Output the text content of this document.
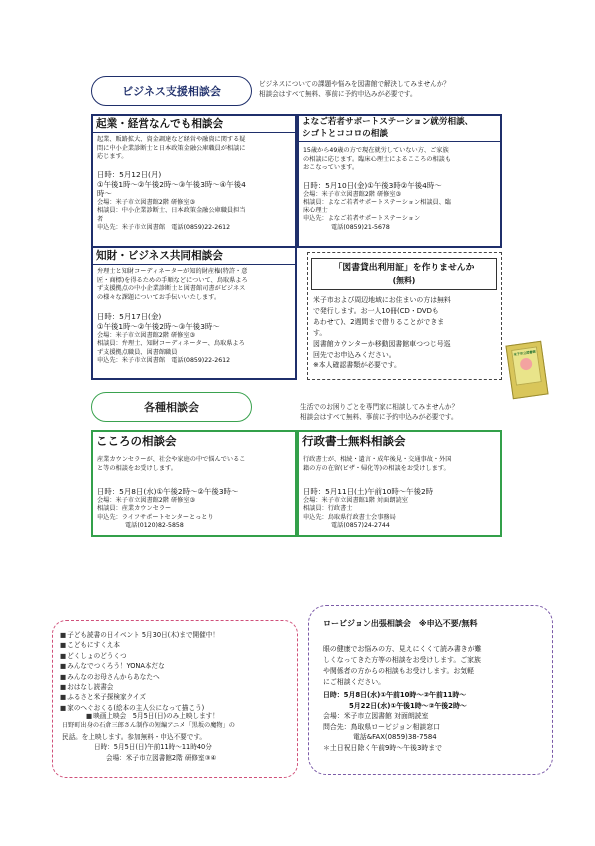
ビジネス支援相談会
ビジネスについての課題や悩みを図書館で解決してみませんか？
相談会はすべて無料、事前に予約申込みが必要です。
起業・経営なんでも相談会

起業、販路拡大、資金調達など経営や融資に関する疑
問に中小企業診断士と日本政策金融公庫職員が相談に
応じます。

日時：5月12日(月)
①午後1時～②午後2時～③午後3時～④午後4
時～
会場：米子市立図書館2階 研修室③
相談員：中小企業診断士、日本政策金融公庫職員担当
者
申込先：米子市立図書館　電話(0859)22-2612

よなご若者サポートステーション就労相談、
シゴトとココロの相談

15歳から49歳の方で現在就労していない方、ご家族
の相談に応じます。臨床心理士によるこころの相談も
おこなっています。

日時：5月10日(金)①午後3時②午後4時～
会場：米子市立図書館2階 研修室③
相談員：よなご若者サポートステーション相談員、臨
床心理士
申込先：よなご若者サポートステーション
電話(0859)21-5678

知財・ビジネス共同相談会

弁理士と知財コーディネーターが知的財産権(特許・意
匠・商標)を得るための手順などについて、鳥取県よろ
ず支援拠点の中小企業診断士と図書館司書がビジネス
の様々な課題についてお手伝いいたします。

日時：5月17日(金)
①午後1時～②午後2時～③午後3時～
会場：米子市立図書館2階 研修室③
相談員：弁理士、知財コーディネーター、鳥取県よろ
ず支援拠点職員、図書館職員
申込先：米子市立図書館　電話(0859)22-2612

「図書貸出利用証」を作りませんか
(無料)
米子市および周辺地域にお住まいの方は無料
で発行します。お一人10冊(CD・DVDも
あわせて)、2週間まで借りることができま
す。
図書館カウンターか移動図書館車つつじ号巡
回先でお申込みください。
※本人確認書類が必要です。
米子市立図書館
各種相談会	生活でのお困りごとを専門家に相談してみませんか？
相談会はすべて無料、事前に予約申込みが必要です。
こころの相談会

産業カウンセラーが、社会や家庭の中で悩んでいるこ
と等の相談をお受けします。

日時：5月8日(水)①午後2時～②午後3時～
会場：米子市立図書館2階 研修室③
相談員：産業カウンセラー
申込先：ライフサポートセンターとっとり
電話(0120)82-5858

行政書士無料相談会

行政書士が、相続・遺言・成年後見・交通事故・外国
籍の方の在留(ビザ・帰化等)の相談をお受けします。

日時：5月11日(土)午前10時～午後2時
会場：米子市立図書館1階 対面朗読室
相談員：行政書士
申込先：鳥取県行政書士会事務局
電話(0857)24-2744

■ 子ども読書の日イベント 5月30日(木)まで開催中！
■ こどもにすくえ本
■ どくしょのどうくつ
■ みんなでつくろう！YONA本だな
■ みんなのお母さんからあなたへ
■ おはなし読書会
■ ふるさと米子探検家クイズ
■ 家のへぐおくる(絵本の主人公になって描こう)
■ 映画上映会　5月5日(日)のみ上映します！
日野町出身の石倉三郎さん制作の短編アニメ「黒坂の魔物」の
民話。を上映します。参加無料・申込不要です。
日時：5月5日(日)午前11時～11時40分
会場：米子市立図書館2階 研修室③④
ロービジョン出張相談会　※申込不要/無料
眼の健康でお悩みの方、見えにくくて読み書きが難
しくなってきた方等の相談をお受けします。ご家族
や関係者の方からの相談もお受けします。お気軽
にご相談ください。
日時：5月8日(水)①午前10時～②午前11時～
5月22日(水)①午後1時～②午後2時～
会場：米子市立図書館 対面朗読室
問合先：鳥取県ロービジョン相談窓口
電話&FAX(0859)38-7584
＊土日祝日除く午前9時～午後3時まで
